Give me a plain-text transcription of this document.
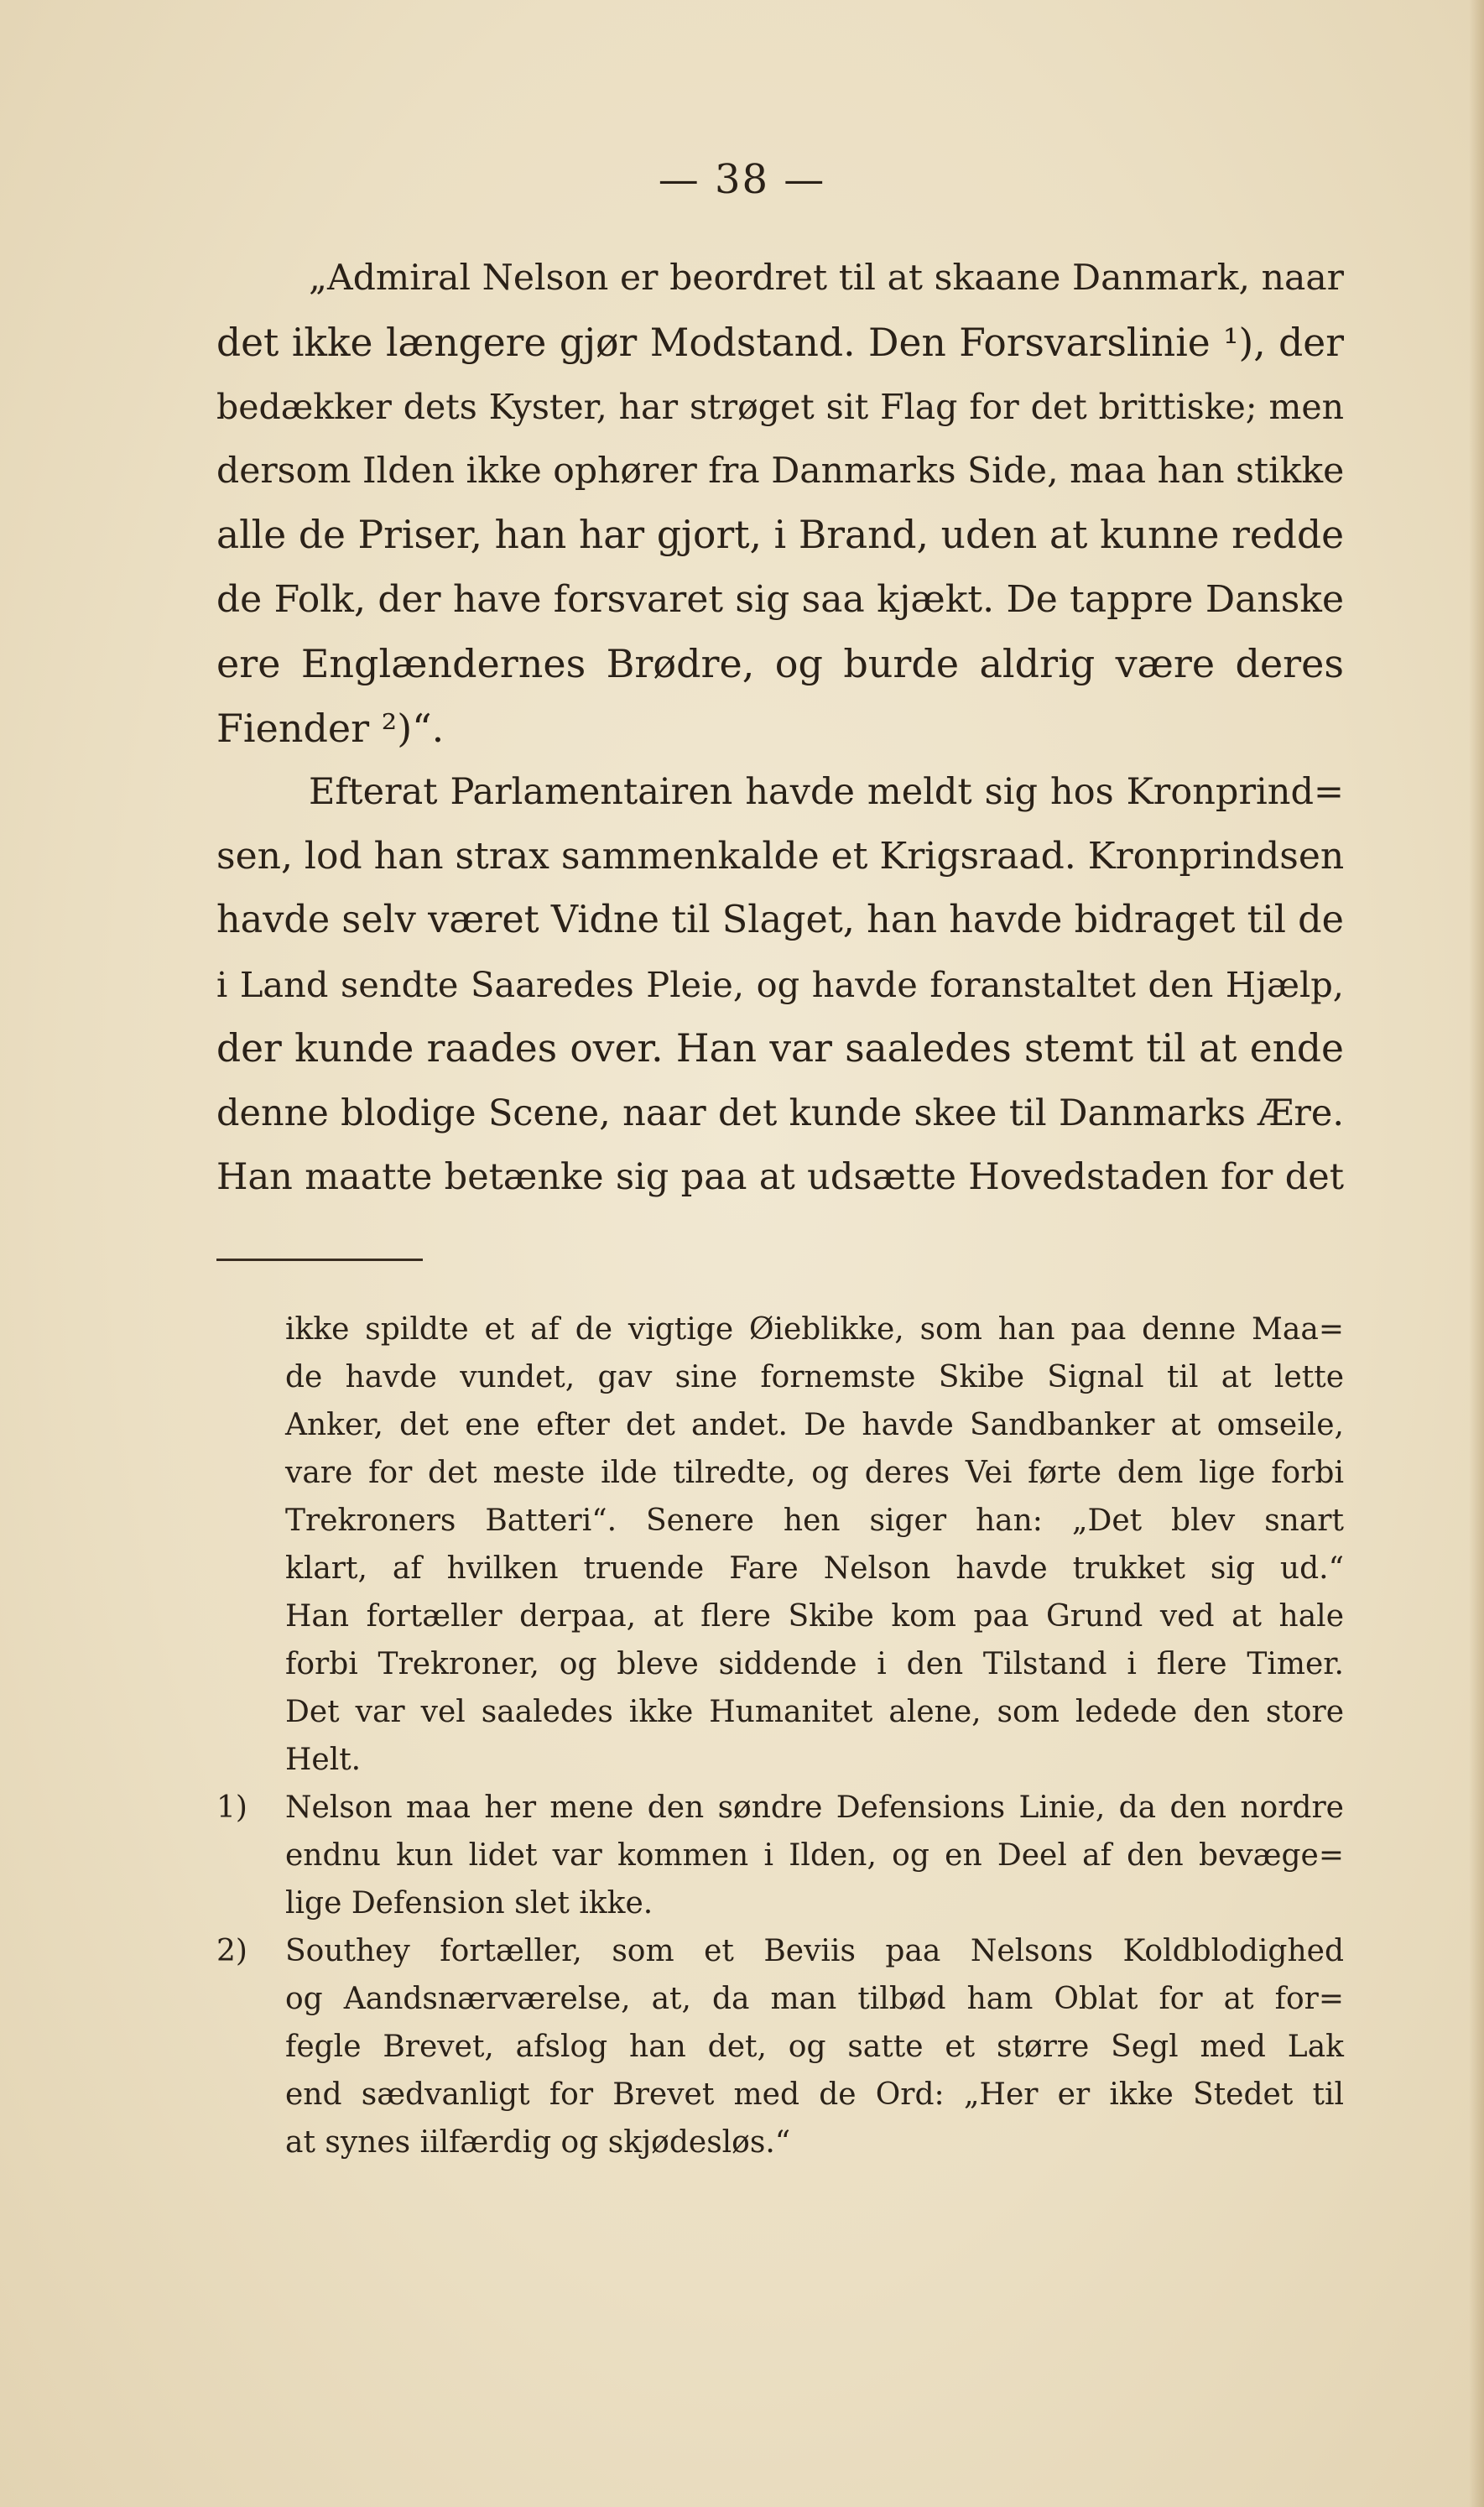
— 38 —
„Admiral Nelson er beordret til at skaane Danmark, naar
det ikke længere gjør Modstand. Den Forsvarslinie ¹), der
bedækker dets Kyster, har strøget sit Flag for det brittiske; men
dersom Ilden ikke ophører fra Danmarks Side, maa han stikke
alle de Priser, han har gjort, i Brand, uden at kunne redde
de Folk, der have forsvaret sig saa kjækt. De tappre Danske
ere Englændernes Brødre, og burde aldrig være deres
Fiender ²)“.
Efterat Parlamentairen havde meldt sig hos Kronprind=
sen, lod han strax sammenkalde et Krigsraad. Kronprindsen
havde selv været Vidne til Slaget, han havde bidraget til de
i Land sendte Saaredes Pleie, og havde foranstaltet den Hjælp,
der kunde raades over. Han var saaledes stemt til at ende
denne blodige Scene, naar det kunde skee til Danmarks Ære.
Han maatte betænke sig paa at udsætte Hovedstaden for det
ikke spildte et af de vigtige Øieblikke, som han paa denne Maa=
de havde vundet, gav sine fornemste Skibe Signal til at lette
Anker, det ene efter det andet. De havde Sandbanker at omseile,
vare for det meste ilde tilredte, og deres Vei førte dem lige forbi
Trekroners Batteri“. Senere hen siger han: „Det blev snart
klart, af hvilken truende Fare Nelson havde trukket sig ud.“
Han fortæller derpaa, at flere Skibe kom paa Grund ved at hale
forbi Trekroner, og bleve siddende i den Tilstand i flere Timer.
Det var vel saaledes ikke Humanitet alene, som ledede den store
Helt.
1)	Nelson maa her mene den søndre Defensions Linie, da den nordre
endnu kun lidet var kommen i Ilden, og en Deel af den bevæge=
lige Defension slet ikke.
2)	Southey fortæller, som et Beviis paa Nelsons Koldblodighed
og Aandsnærværelse, at, da man tilbød ham Oblat for at for=
fegle Brevet, afslog han det, og satte et større Segl med Lak
end sædvanligt for Brevet med de Ord: „Her er ikke Stedet til
at synes iilfærdig og skjødesløs.“
